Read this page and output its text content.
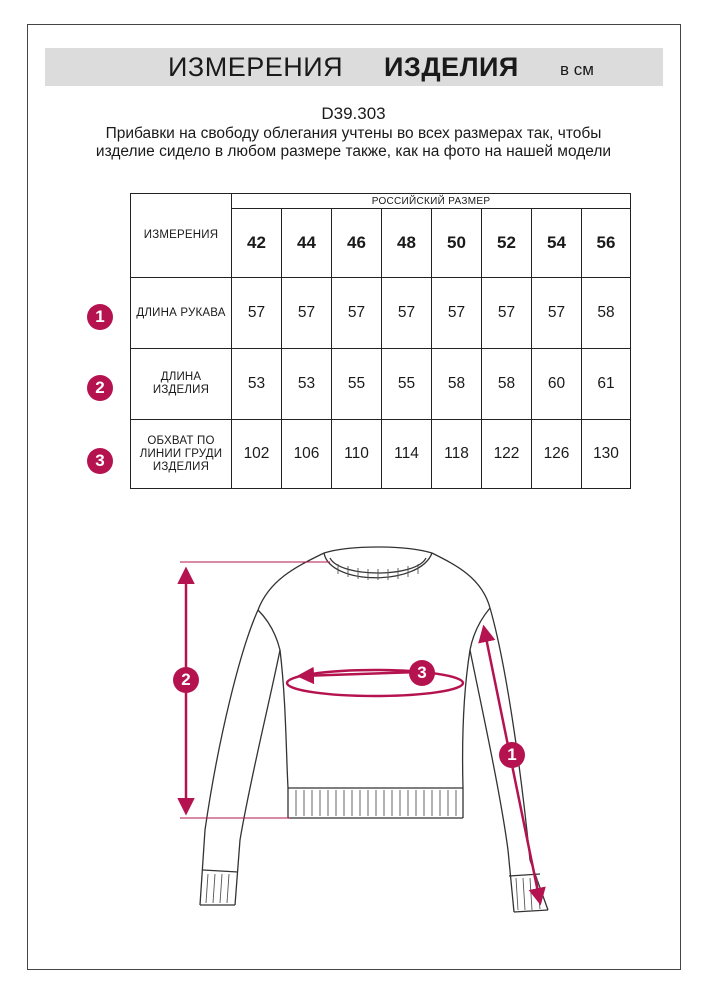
ИЗМЕРЕНИЯ ИЗДЕЛИЯ в см
D39.303
Прибавки на свободу облегания учтены во всех размерах так, чтобы изделие сидело в любом размере также, как на фото на нашей модели
ИЗМЕРЕНИЯ	РОССИЙСКИЙ РАЗМЕР							
	42	44	46	48	50	52	54	56
ДЛИНА РУКАВА	57	57	57	57	57	57	57	58
ДЛИНА ИЗДЕЛИЯ	53	53	55	55	58	58	60	61
ОБХВАТ ПО ЛИНИИ ГРУДИ ИЗДЕЛИЯ	102	106	110	114	118	122	126	130
1
2
3
2	3
1
